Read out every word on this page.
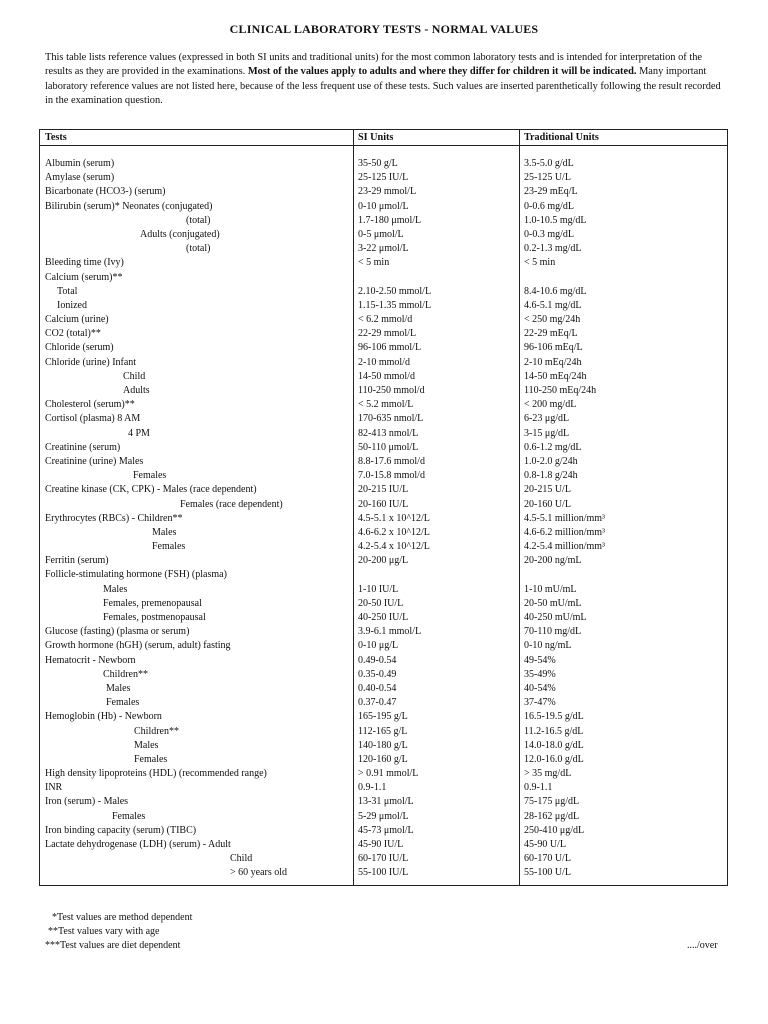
CLINICAL LABORATORY TESTS - NORMAL VALUES
This table lists reference values (expressed in both SI units and traditional units) for the most common laboratory tests and is intended for interpretation of the results as they are provided in the examinations. Most of the values apply to adults and where they differ for children it will be indicated. Many important laboratory reference values are not listed here, because of the less frequent use of these tests. Such values are inserted parenthetically following the result recorded in the examination question.
Tests	SI Units	Traditional Units
Albumin (serum)	35-50 g/L	3.5-5.0 g/dL
Amylase (serum)	25-125 IU/L	25-125 U/L
Bicarbonate (HCO3-) (serum)	23-29 mmol/L	23-29 mEq/L
Bilirubin (serum)* Neonates (conjugated)	0-10 μmol/L	0-0.6 mg/dL
(total)	1.7-180 μmol/L	1.0-10.5 mg/dL
Adults (conjugated)	0-5 μmol/L	0-0.3 mg/dL
(total)	3-22 μmol/L	0.2-1.3 mg/dL
Bleeding time (Ivy)	< 5 min	< 5 min
Calcium (serum)**
Total	2.10-2.50 mmol/L	8.4-10.6 mg/dL
Ionized	1.15-1.35 mmol/L	4.6-5.1 mg/dL
Calcium (urine)	< 6.2 mmol/d	< 250 mg/24h
CO2 (total)**	22-29 mmol/L	22-29 mEq/L
Chloride (serum)	96-106 mmol/L	96-106 mEq/L
Chloride (urine) Infant	2-10 mmol/d	2-10 mEq/24h
Child	14-50 mmol/d	14-50 mEq/24h
Adults	110-250 mmol/d	110-250 mEq/24h
Cholesterol (serum)**	< 5.2 mmol/L	< 200 mg/dL
Cortisol (plasma) 8 AM	170-635 nmol/L	6-23 μg/dL
4 PM	82-413 nmol/L	3-15 μg/dL
Creatinine (serum)	50-110 μmol/L	0.6-1.2 mg/dL
Creatinine (urine) Males	8.8-17.6 mmol/d	1.0-2.0 g/24h
Females	7.0-15.8 mmol/d	0.8-1.8 g/24h
Creatine kinase (CK, CPK) - Males (race dependent)	20-215 IU/L	20-215 U/L
Females (race dependent)	20-160 IU/L	20-160 U/L
Erythrocytes (RBCs) - Children**	4.5-5.1 x 10^12/L	4.5-5.1 million/mm³
Males	4.6-6.2 x 10^12/L	4.6-6.2 million/mm³
Females	4.2-5.4 x 10^12/L	4.2-5.4 million/mm³
Ferritin (serum)	20-200 μg/L	20-200 ng/mL
Follicle-stimulating hormone (FSH) (plasma)
Males	1-10 IU/L	1-10 mU/mL
Females, premenopausal	20-50 IU/L	20-50 mU/mL
Females, postmenopausal	40-250 IU/L	40-250 mU/mL
Glucose (fasting) (plasma or serum)	3.9-6.1 mmol/L	70-110 mg/dL
Growth hormone (hGH) (serum, adult) fasting	0-10 μg/L	0-10 ng/mL
Hematocrit - Newborn	0.49-0.54	49-54%
Children**	0.35-0.49	35-49%
Males	0.40-0.54	40-54%
Females	0.37-0.47	37-47%
Hemoglobin (Hb) - Newborn	165-195 g/L	16.5-19.5 g/dL
Children**	112-165 g/L	11.2-16.5 g/dL
Males	140-180 g/L	14.0-18.0 g/dL
Females	120-160 g/L	12.0-16.0 g/dL
High density lipoproteins (HDL) (recommended range)	> 0.91 mmol/L	> 35 mg/dL
INR	0.9-1.1	0.9-1.1
Iron (serum) - Males	13-31 μmol/L	75-175 μg/dL
Females	5-29 μmol/L	28-162 μg/dL
Iron binding capacity (serum) (TIBC)	45-73 μmol/L	250-410 μg/dL
Lactate dehydrogenase (LDH) (serum) - Adult	45-90 IU/L	45-90 U/L
Child	60-170 IU/L	60-170 U/L
> 60 years old	55-100 IU/L	55-100 U/L
*Test values are method dependent
**Test values vary with age
***Test values are diet dependent	..../over
